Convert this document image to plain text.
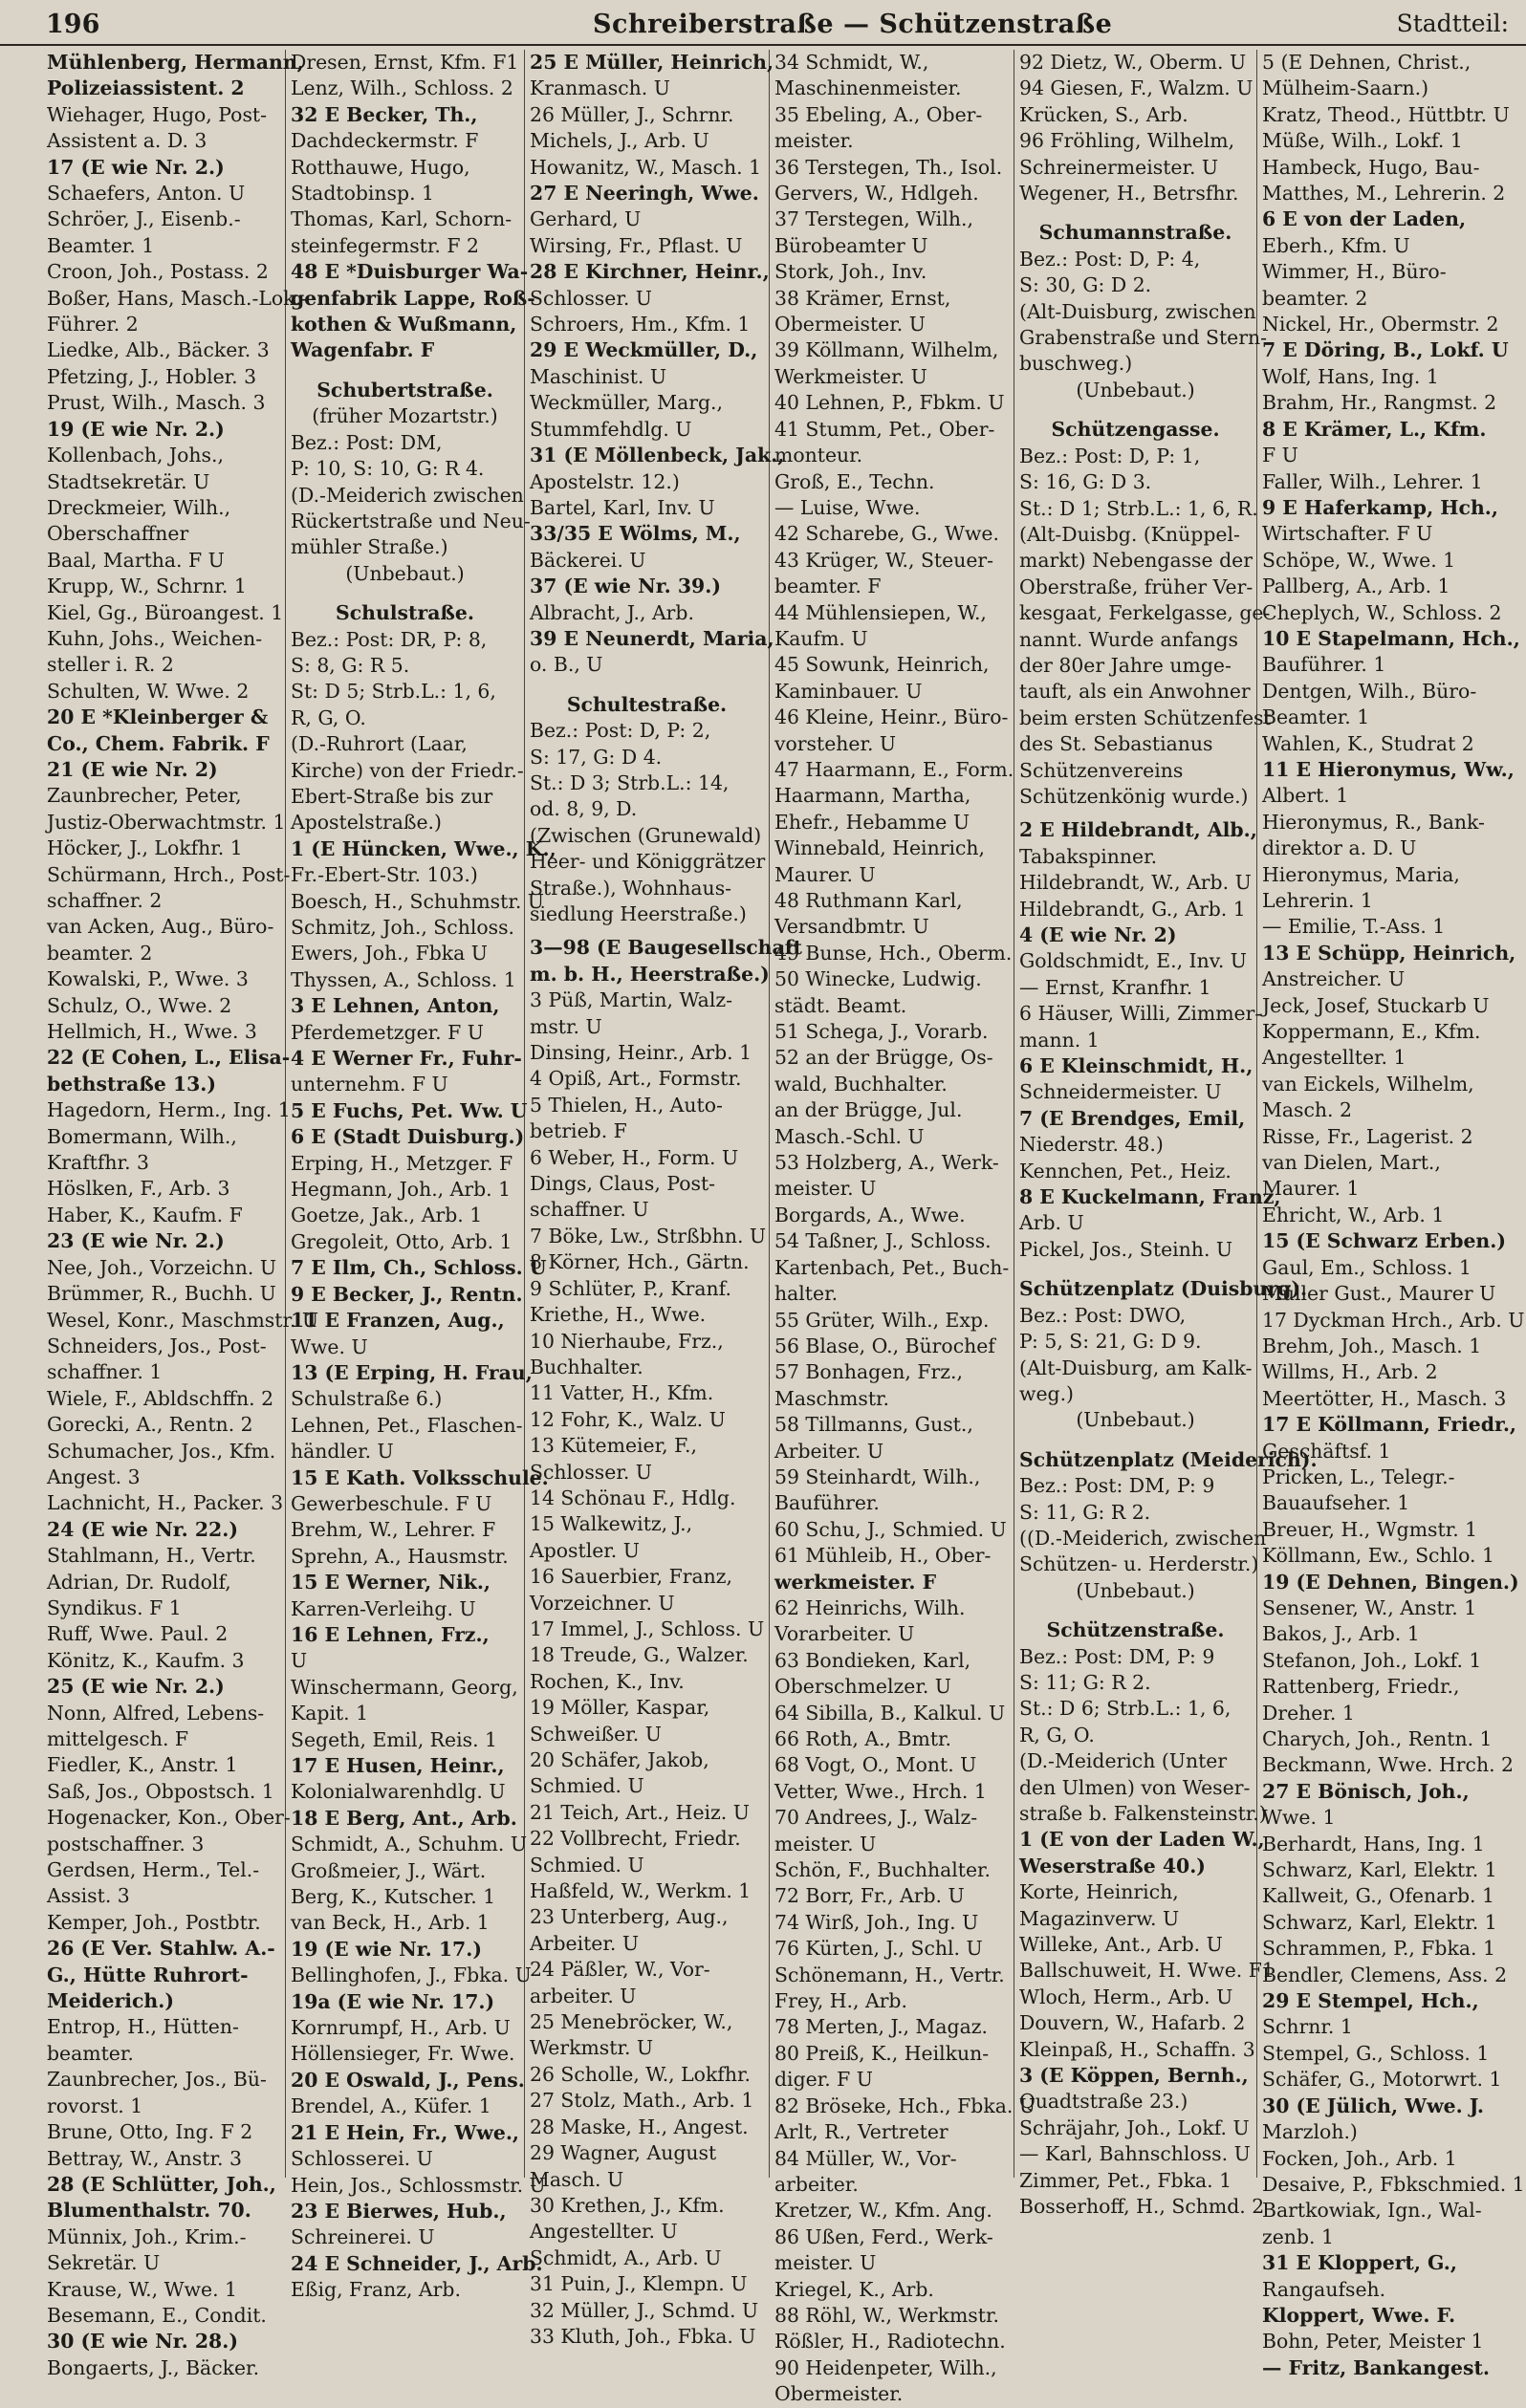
196	Schreiberstraße — Schützenstraße	Stadtteil:
Mühlenberg, Hermann,
Polizeiassistent. 2
Wiehager, Hugo, Post-
Assistent a. D. 3
17 (E wie Nr. 2.)
Schaefers, Anton. U
Schröer, J., Eisenb.-
Beamter. 1
Croon, Joh., Postass. 2
Boßer, Hans, Masch.-Lok.-
Führer. 2
Liedke, Alb., Bäcker. 3
Pfetzing, J., Hobler. 3
Prust, Wilh., Masch. 3
19 (E wie Nr. 2.)
Kollenbach, Johs.,
Stadtsekretär. U
Dreckmeier, Wilh.,
Oberschaffner
Baal, Martha. F U
Krupp, W., Schrnr. 1
Kiel, Gg., Büroangest. 1
Kuhn, Johs., Weichen-
steller i. R. 2
Schulten, W. Wwe. 2
20 E *Kleinberger &
Co., Chem. Fabrik. F
21 (E wie Nr. 2)
Zaunbrecher, Peter,
Justiz-Oberwachtmstr. 1
Höcker, J., Lokfhr. 1
Schürmann, Hrch., Post-
schaffner. 2
van Acken, Aug., Büro-
beamter. 2
Kowalski, P., Wwe. 3
Schulz, O., Wwe. 2
Hellmich, H., Wwe. 3
22 (E Cohen, L., Elisa-
bethstraße 13.)
Hagedorn, Herm., Ing. 1
Bomermann, Wilh.,
Kraftfhr. 3
Höslken, F., Arb. 3
Haber, K., Kaufm. F
23 (E wie Nr. 2.)
Nee, Joh., Vorzeichn. U
Brümmer, R., Buchh. U
Wesel, Konr., Maschmstr. U
Schneiders, Jos., Post-
schaffner. 1
Wiele, F., Abldschffn. 2
Gorecki, A., Rentn. 2
Schumacher, Jos., Kfm.
Angest. 3
Lachnicht, H., Packer. 3
24 (E wie Nr. 22.)
Stahlmann, H., Vertr.
Adrian, Dr. Rudolf,
Syndikus. F 1
Ruff, Wwe. Paul. 2
Könitz, K., Kaufm. 3
25 (E wie Nr. 2.)
Nonn, Alfred, Lebens-
mittelgesch. F
Fiedler, K., Anstr. 1
Saß, Jos., Obpostsch. 1
Hogenacker, Kon., Ober-
postschaffner. 3
Gerdsen, Herm., Tel.-
Assist. 3
Kemper, Joh., Postbtr.
26 (E Ver. Stahlw. A.-
G., Hütte Ruhrort-
Meiderich.)
Entrop, H., Hütten-
beamter.
Zaunbrecher, Jos., Bü-
rovorst. 1
Brune, Otto, Ing. F 2
Bettray, W., Anstr. 3
28 (E Schlütter, Joh.,
Blumenthalstr. 70.
Münnix, Joh., Krim.-
Sekretär. U
Krause, W., Wwe. 1
Besemann, E., Condit.
30 (E wie Nr. 28.)
Bongaerts, J., Bäcker.
Dresen, Ernst, Kfm. F1
Lenz, Wilh., Schloss. 2
32 E Becker, Th.,
Dachdeckermstr. F
Rotthauwe, Hugo,
Stadtobinsp. 1
Thomas, Karl, Schorn-
steinfegermstr. F 2
48 E *Duisburger Wa-
genfabrik Lappe, Roß-
kothen & Wußmann,
Wagenfabr. F
Schubertstraße.
(früher Mozartstr.)
Bez.: Post: DM,
P: 10, S: 10, G: R 4.
(D.-Meiderich zwischen
Rückertstraße und Neu-
mühler Straße.)
(Unbebaut.)
Schulstraße.
Bez.: Post: DR, P: 8,
S: 8, G: R 5.
St: D 5; Strb.L.: 1, 6,
R, G, O.
(D.-Ruhrort (Laar,
Kirche) von der Friedr.-
Ebert-Straße bis zur
Apostelstraße.)
1 (E Hüncken, Wwe., K.,
Fr.-Ebert-Str. 103.)
Boesch, H., Schuhmstr. U
Schmitz, Joh., Schloss.
Ewers, Joh., Fbka U
Thyssen, A., Schloss. 1
3 E Lehnen, Anton,
Pferdemetzger. F U
4 E Werner Fr., Fuhr-
unternehm. F U
5 E Fuchs, Pet. Ww. U
6 E (Stadt Duisburg.)
Erping, H., Metzger. F
Hegmann, Joh., Arb. 1
Goetze, Jak., Arb. 1
Gregoleit, Otto, Arb. 1
7 E Ilm, Ch., Schloss. U
9 E Becker, J., Rentn.
11 E Franzen, Aug.,
Wwe. U
13 (E Erping, H. Frau,
Schulstraße 6.)
Lehnen, Pet., Flaschen-
händler. U
15 E Kath. Volksschule.
Gewerbeschule. F U
Brehm, W., Lehrer. F
Sprehn, A., Hausmstr.
15 E Werner, Nik.,
Karren-Verleihg. U
16 E Lehnen, Frz.,
U
Winschermann, Georg,
Kapit. 1
Segeth, Emil, Reis. 1
17 E Husen, Heinr.,
Kolonialwarenhdlg. U
18 E Berg, Ant., Arb.
Schmidt, A., Schuhm. U
Großmeier, J., Wärt.
Berg, K., Kutscher. 1
van Beck, H., Arb. 1
19 (E wie Nr. 17.)
Bellinghofen, J., Fbka. U
19a (E wie Nr. 17.)
Kornrumpf, H., Arb. U
Höllensieger, Fr. Wwe.
20 E Oswald, J., Pens.
Brendel, A., Küfer. 1
21 E Hein, Fr., Wwe.,
Schlosserei. U
Hein, Jos., Schlossmstr. U
23 E Bierwes, Hub.,
Schreinerei. U
24 E Schneider, J., Arb.
Eßig, Franz, Arb.
25 E Müller, Heinrich,
Kranmasch. U
26 Müller, J., Schrnr.
Michels, J., Arb. U
Howanitz, W., Masch. 1
27 E Neeringh, Wwe.
Gerhard, U
Wirsing, Fr., Pflast. U
28 E Kirchner, Heinr.,
Schlosser. U
Schroers, Hm., Kfm. 1
29 E Weckmüller, D.,
Maschinist. U
Weckmüller, Marg.,
Stummfehdlg. U
31 (E Möllenbeck, Jak.,
Apostelstr. 12.)
Bartel, Karl, Inv. U
33/35 E Wölms, M.,
Bäckerei. U
37 (E wie Nr. 39.)
Albracht, J., Arb.
39 E Neunerdt, Maria,
o. B., U
Schultestraße.
Bez.: Post: D, P: 2,
S: 17, G: D 4.
St.: D 3; Strb.L.: 14,
od. 8, 9, D.
(Zwischen (Grunewald)
Heer- und Königgrätzer
Straße.), Wohnhaus-
siedlung Heerstraße.)
3—98 (E Baugesellschaft
m. b. H., Heerstraße.)
3 Püß, Martin, Walz-
mstr. U
Dinsing, Heinr., Arb. 1
4 Opiß, Art., Formstr.
5 Thielen, H., Auto-
betrieb. F
6 Weber, H., Form. U
Dings, Claus, Post-
schaffner. U
7 Böke, Lw., Strßbhn. U
8 Körner, Hch., Gärtn.
9 Schlüter, P., Kranf.
Kriethe, H., Wwe.
10 Nierhaube, Frz.,
Buchhalter.
11 Vatter, H., Kfm.
12 Fohr, K., Walz. U
13 Kütemeier, F.,
Schlosser. U
14 Schönau F., Hdlg.
15 Walkewitz, J.,
Apostler. U
16 Sauerbier, Franz,
Vorzeichner. U
17 Immel, J., Schloss. U
18 Treude, G., Walzer.
Rochen, K., Inv.
19 Möller, Kaspar,
Schweißer. U
20 Schäfer, Jakob,
Schmied. U
21 Teich, Art., Heiz. U
22 Vollbrecht, Friedr.
Schmied. U
Haßfeld, W., Werkm. 1
23 Unterberg, Aug.,
Arbeiter. U
24 Päßler, W., Vor-
arbeiter. U
25 Menebröcker, W.,
Werkmstr. U
26 Scholle, W., Lokfhr.
27 Stolz, Math., Arb. 1
28 Maske, H., Angest.
29 Wagner, August
Masch. U
30 Krethen, J., Kfm.
Angestellter. U
Schmidt, A., Arb. U
31 Puin, J., Klempn. U
32 Müller, J., Schmd. U
33 Kluth, Joh., Fbka. U
34 Schmidt, W.,
Maschinenmeister.
35 Ebeling, A., Ober-
meister.
36 Terstegen, Th., Isol.
Gervers, W., Hdlgeh.
37 Terstegen, Wilh.,
Bürobeamter U
Stork, Joh., Inv.
38 Krämer, Ernst,
Obermeister. U
39 Köllmann, Wilhelm,
Werkmeister. U
40 Lehnen, P., Fbkm. U
41 Stumm, Pet., Ober-
monteur.
Groß, E., Techn.
— Luise, Wwe.
42 Scharebe, G., Wwe.
43 Krüger, W., Steuer-
beamter. F
44 Mühlensiepen, W.,
Kaufm. U
45 Sowunk, Heinrich,
Kaminbauer. U
46 Kleine, Heinr., Büro-
vorsteher. U
47 Haarmann, E., Form.
Haarmann, Martha,
Ehefr., Hebamme U
Winnebald, Heinrich,
Maurer. U
48 Ruthmann Karl,
Versandbmtr. U
49 Bunse, Hch., Oberm.
50 Winecke, Ludwig.
städt. Beamt.
51 Schega, J., Vorarb.
52 an der Brügge, Os-
wald, Buchhalter.
an der Brügge, Jul.
Masch.-Schl. U
53 Holzberg, A., Werk-
meister. U
Borgards, A., Wwe.
54 Taßner, J., Schloss.
Kartenbach, Pet., Buch-
halter.
55 Grüter, Wilh., Exp.
56 Blase, O., Bürochef
57 Bonhagen, Frz.,
Maschmstr.
58 Tillmanns, Gust.,
Arbeiter. U
59 Steinhardt, Wilh.,
Bauführer.
60 Schu, J., Schmied. U
61 Mühleib, H., Ober-
werkmeister. F
62 Heinrichs, Wilh.
Vorarbeiter. U
63 Bondieken, Karl,
Oberschmelzer. U
64 Sibilla, B., Kalkul. U
66 Roth, A., Bmtr.
68 Vogt, O., Mont. U
Vetter, Wwe., Hrch. 1
70 Andrees, J., Walz-
meister. U
Schön, F., Buchhalter.
72 Borr, Fr., Arb. U
74 Wirß, Joh., Ing. U
76 Kürten, J., Schl. U
Schönemann, H., Vertr.
Frey, H., Arb.
78 Merten, J., Magaz.
80 Preiß, K., Heilkun-
diger. F U
82 Bröseke, Hch., Fbka. U
Arlt, R., Vertreter
84 Müller, W., Vor-
arbeiter.
Kretzer, W., Kfm. Ang.
86 Ußen, Ferd., Werk-
meister. U
Kriegel, K., Arb.
88 Röhl, W., Werkmstr.
Rößler, H., Radiotechn.
90 Heidenpeter, Wilh.,
Obermeister.
92 Dietz, W., Oberm. U
94 Giesen, F., Walzm. U
Krücken, S., Arb.
96 Fröhling, Wilhelm,
Schreinermeister. U
Wegener, H., Betrsfhr.
Schumannstraße.
Bez.: Post: D, P: 4,
S: 30, G: D 2.
(Alt-Duisburg, zwischen
Grabenstraße und Stern-
buschweg.)
(Unbebaut.)
Schützengasse.
Bez.: Post: D, P: 1,
S: 16, G: D 3.
St.: D 1; Strb.L.: 1, 6, R.
(Alt-Duisbg. (Knüppel-
markt) Nebengasse der
Oberstraße, früher Ver-
kesgaat, Ferkelgasse, ge-
nannt. Wurde anfangs
der 80er Jahre umge-
tauft, als ein Anwohner
beim ersten Schützenfest
des St. Sebastianus
Schützenvereins
Schützenkönig wurde.)
2 E Hildebrandt, Alb.,
Tabakspinner.
Hildebrandt, W., Arb. U
Hildebrandt, G., Arb. 1
4 (E wie Nr. 2)
Goldschmidt, E., Inv. U
— Ernst, Kranfhr. 1
6 Häuser, Willi, Zimmer-
mann. 1
6 E Kleinschmidt, H.,
Schneidermeister. U
7 (E Brendges, Emil,
Niederstr. 48.)
Kennchen, Pet., Heiz.
8 E Kuckelmann, Franz,
Arb. U
Pickel, Jos., Steinh. U
Schützenplatz (Duisburg).
Bez.: Post: DWO,
P: 5, S: 21, G: D 9.
(Alt-Duisburg, am Kalk-
weg.)
(Unbebaut.)
Schützenplatz (Meiderich).
Bez.: Post: DM, P: 9
S: 11, G: R 2.
((D.-Meiderich, zwischen
Schützen- u. Herderstr.)
(Unbebaut.)
Schützenstraße.
Bez.: Post: DM, P: 9
S: 11; G: R 2.
St.: D 6; Strb.L.: 1, 6,
R, G, O.
(D.-Meiderich (Unter
den Ulmen) von Weser-
straße b. Falkensteinstr.)
1 (E von der Laden W.,
Weserstraße 40.)
Korte, Heinrich,
Magazinverw. U
Willeke, Ant., Arb. U
Ballschuweit, H. Wwe. F1
Wloch, Herm., Arb. U
Douvern, W., Hafarb. 2
Kleinpaß, H., Schaffn. 3
3 (E Köppen, Bernh.,
Quadtstraße 23.)
Schräjahr, Joh., Lokf. U
— Karl, Bahnschloss. U
Zimmer, Pet., Fbka. 1
Bosserhoff, H., Schmd. 2
5 (E Dehnen, Christ.,
Mülheim-Saarn.)
Kratz, Theod., Hüttbtr. U
Müße, Wilh., Lokf. 1
Hambeck, Hugo, Bau-
Matthes, M., Lehrerin. 2
6 E von der Laden,
Eberh., Kfm. U
Wimmer, H., Büro-
beamter. 2
Nickel, Hr., Obermstr. 2
7 E Döring, B., Lokf. U
Wolf, Hans, Ing. 1
Brahm, Hr., Rangmst. 2
8 E Krämer, L., Kfm.
F U
Faller, Wilh., Lehrer. 1
9 E Haferkamp, Hch.,
Wirtschafter. F U
Schöpe, W., Wwe. 1
Pallberg, A., Arb. 1
Cheplych, W., Schloss. 2
10 E Stapelmann, Hch.,
Bauführer. 1
Dentgen, Wilh., Büro-
Beamter. 1
Wahlen, K., Studrat 2
11 E Hieronymus, Ww.,
Albert. 1
Hieronymus, R., Bank-
direktor a. D. U
Hieronymus, Maria,
Lehrerin. 1
— Emilie, T.-Ass. 1
13 E Schüpp, Heinrich,
Anstreicher. U
Jeck, Josef, Stuckarb U
Koppermann, E., Kfm.
Angestellter. 1
van Eickels, Wilhelm,
Masch. 2
Risse, Fr., Lagerist. 2
van Dielen, Mart.,
Maurer. 1
Ehricht, W., Arb. 1
15 (E Schwarz Erben.)
Gaul, Em., Schloss. 1
Müller Gust., Maurer U
17 Dyckman Hrch., Arb. U
Brehm, Joh., Masch. 1
Willms, H., Arb. 2
Meertötter, H., Masch. 3
17 E Köllmann, Friedr.,
Geschäftsf. 1
Pricken, L., Telegr.-
Bauaufseher. 1
Breuer, H., Wgmstr. 1
Köllmann, Ew., Schlo. 1
19 (E Dehnen, Bingen.)
Sensener, W., Anstr. 1
Bakos, J., Arb. 1
Stefanon, Joh., Lokf. 1
Rattenberg, Friedr.,
Dreher. 1
Charych, Joh., Rentn. 1
Beckmann, Wwe. Hrch. 2
27 E Bönisch, Joh.,
Wwe. 1
Berhardt, Hans, Ing. 1
Schwarz, Karl, Elektr. 1
Kallweit, G., Ofenarb. 1
Schwarz, Karl, Elektr. 1
Schrammen, P., Fbka. 1
Bendler, Clemens, Ass. 2
29 E Stempel, Hch.,
Schrnr. 1
Stempel, G., Schloss. 1
Schäfer, G., Motorwrt. 1
30 (E Jülich, Wwe. J.
Marzloh.)
Focken, Joh., Arb. 1
Desaive, P., Fbkschmied. 1
Bartkowiak, Ign., Wal-
zenb. 1
31 E Kloppert, G.,
Rangaufseh.
Kloppert, Wwe. F.
Bohn, Peter, Meister 1
— Fritz, Bankangest.
